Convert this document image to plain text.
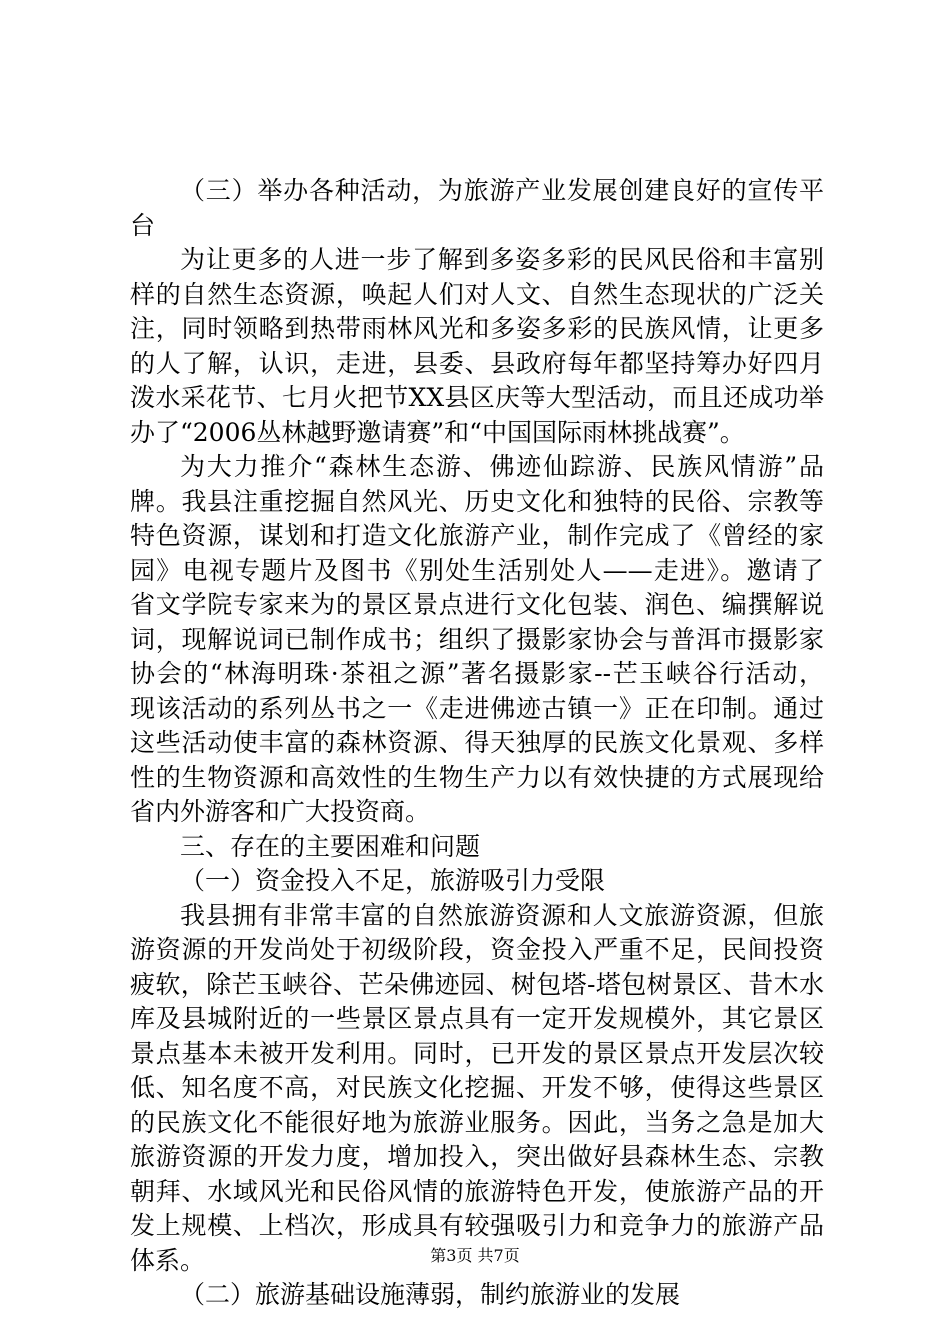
（三）举办各种活动，为旅游产业发展创建良好的宣传平
台
为让更多的人进一步了解到多姿多彩的民风民俗和丰富别
样的自然生态资源，唤起人们对人文、自然生态现状的广泛关
注，同时领略到热带雨林风光和多姿多彩的民族风情，让更多
的人了解，认识，走进，县委、县政府每年都坚持筹办好四月
泼水采花节、七月火把节XX县区庆等大型活动，而且还成功举
办了“2006丛林越野邀请赛”和“中国国际雨林挑战赛”。
为大力推介“森林生态游、佛迹仙踪游、民族风情游”品
牌。我县注重挖掘自然风光、历史文化和独特的民俗、宗教等
特色资源，谋划和打造文化旅游产业，制作完成了《曾经的家
园》电视专题片及图书《别处生活别处人——走进》。邀请了
省文学院专家来为的景区景点进行文化包装、润色、编撰解说
词，现解说词已制作成书；组织了摄影家协会与普洱市摄影家
协会的“林海明珠·茶祖之源”著名摄影家--芒玉峡谷行活动，
现该活动的系列丛书之一《走进佛迹古镇一》正在印制。通过
这些活动使丰富的森林资源、得天独厚的民族文化景观、多样
性的生物资源和高效性的生物生产力以有效快捷的方式展现给
省内外游客和广大投资商。
三、存在的主要困难和问题
（一）资金投入不足，旅游吸引力受限
我县拥有非常丰富的自然旅游资源和人文旅游资源，但旅
游资源的开发尚处于初级阶段，资金投入严重不足，民间投资
疲软，除芒玉峡谷、芒朵佛迹园、树包塔-塔包树景区、昔木水
库及县城附近的一些景区景点具有一定开发规模外，其它景区
景点基本未被开发利用。同时，已开发的景区景点开发层次较
低、知名度不高，对民族文化挖掘、开发不够，使得这些景区
的民族文化不能很好地为旅游业服务。因此，当务之急是加大
旅游资源的开发力度，增加投入，突出做好县森林生态、宗教
朝拜、水域风光和民俗风情的旅游特色开发，使旅游产品的开
发上规模、上档次，形成具有较强吸引力和竞争力的旅游产品
体系。
（二）旅游基础设施薄弱，制约旅游业的发展
第3页 共7页
